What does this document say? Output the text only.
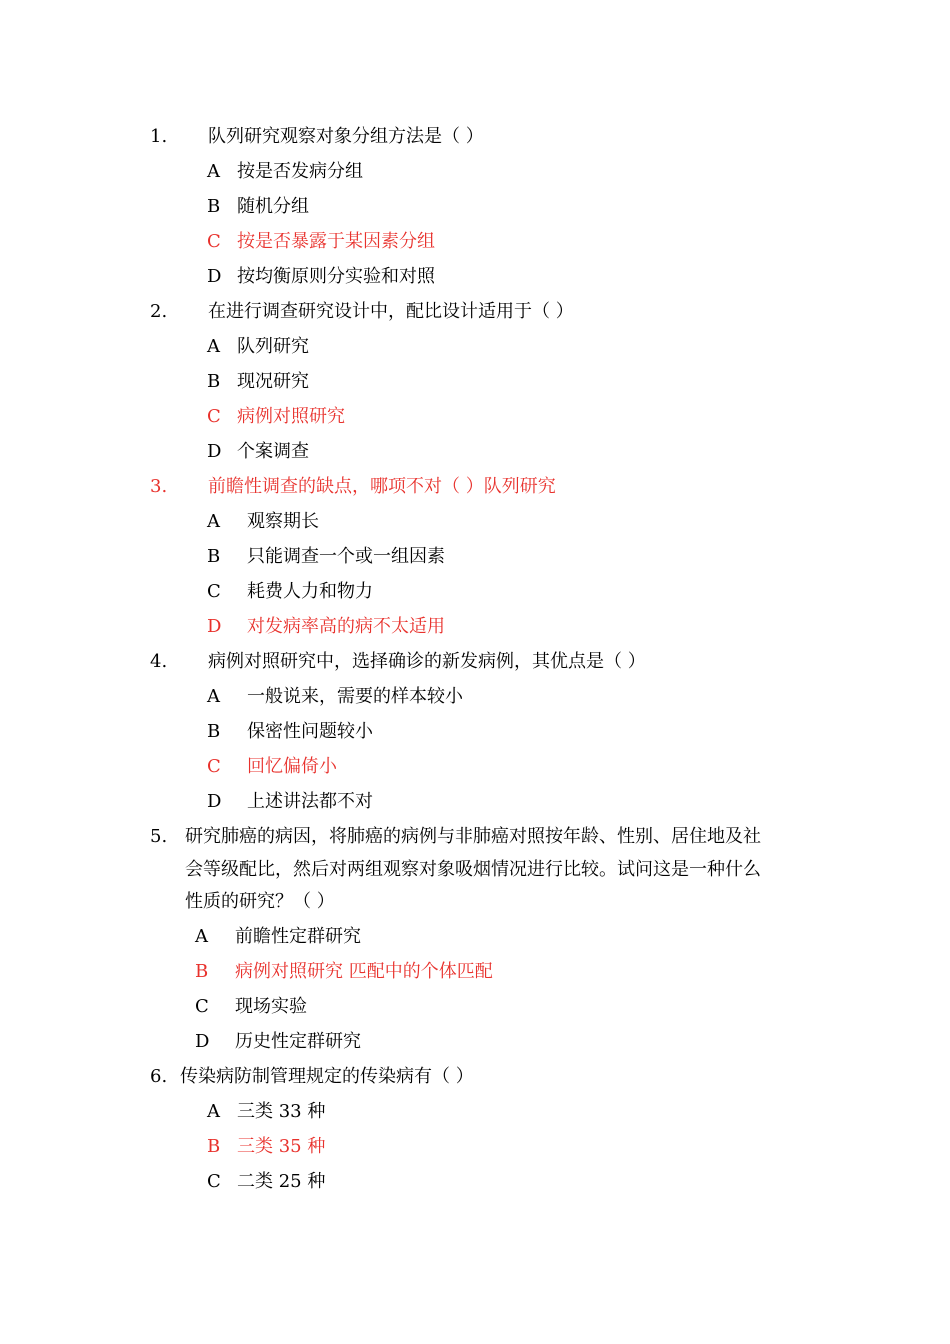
1. 队列研究观察对象分组方法是（ ）
A 按是否发病分组
B 随机分组
C 按是否暴露于某因素分组
D 按均衡原则分实验和对照
2. 在进行调查研究设计中，配比设计适用于（ ）
A 队列研究
B 现况研究
C 病例对照研究
D 个案调查
3. 前瞻性调查的缺点，哪项不对（ ）队列研究
A 观察期长
B 只能调查一个或一组因素
C 耗费人力和物力
D 对发病率高的病不太适用
4. 病例对照研究中，选择确诊的新发病例，其优点是（ ）
A 一般说来，需要的样本较小
B 保密性问题较小
C 回忆偏倚小
D 上述讲法都不对
5. 研究肺癌的病因，将肺癌的病例与非肺癌对照按年龄、性别、居住地及社
会等级配比，然后对两组观察对象吸烟情况进行比较。试问这是一种什么
性质的研究？（ ）
A 前瞻性定群研究
B 病例对照研究 匹配中的个体匹配
C 现场实验
D 历史性定群研究
6. 传染病防制管理规定的传染病有（ ）
A 三类 33 种
B 三类 35 种
C 二类 25 种
